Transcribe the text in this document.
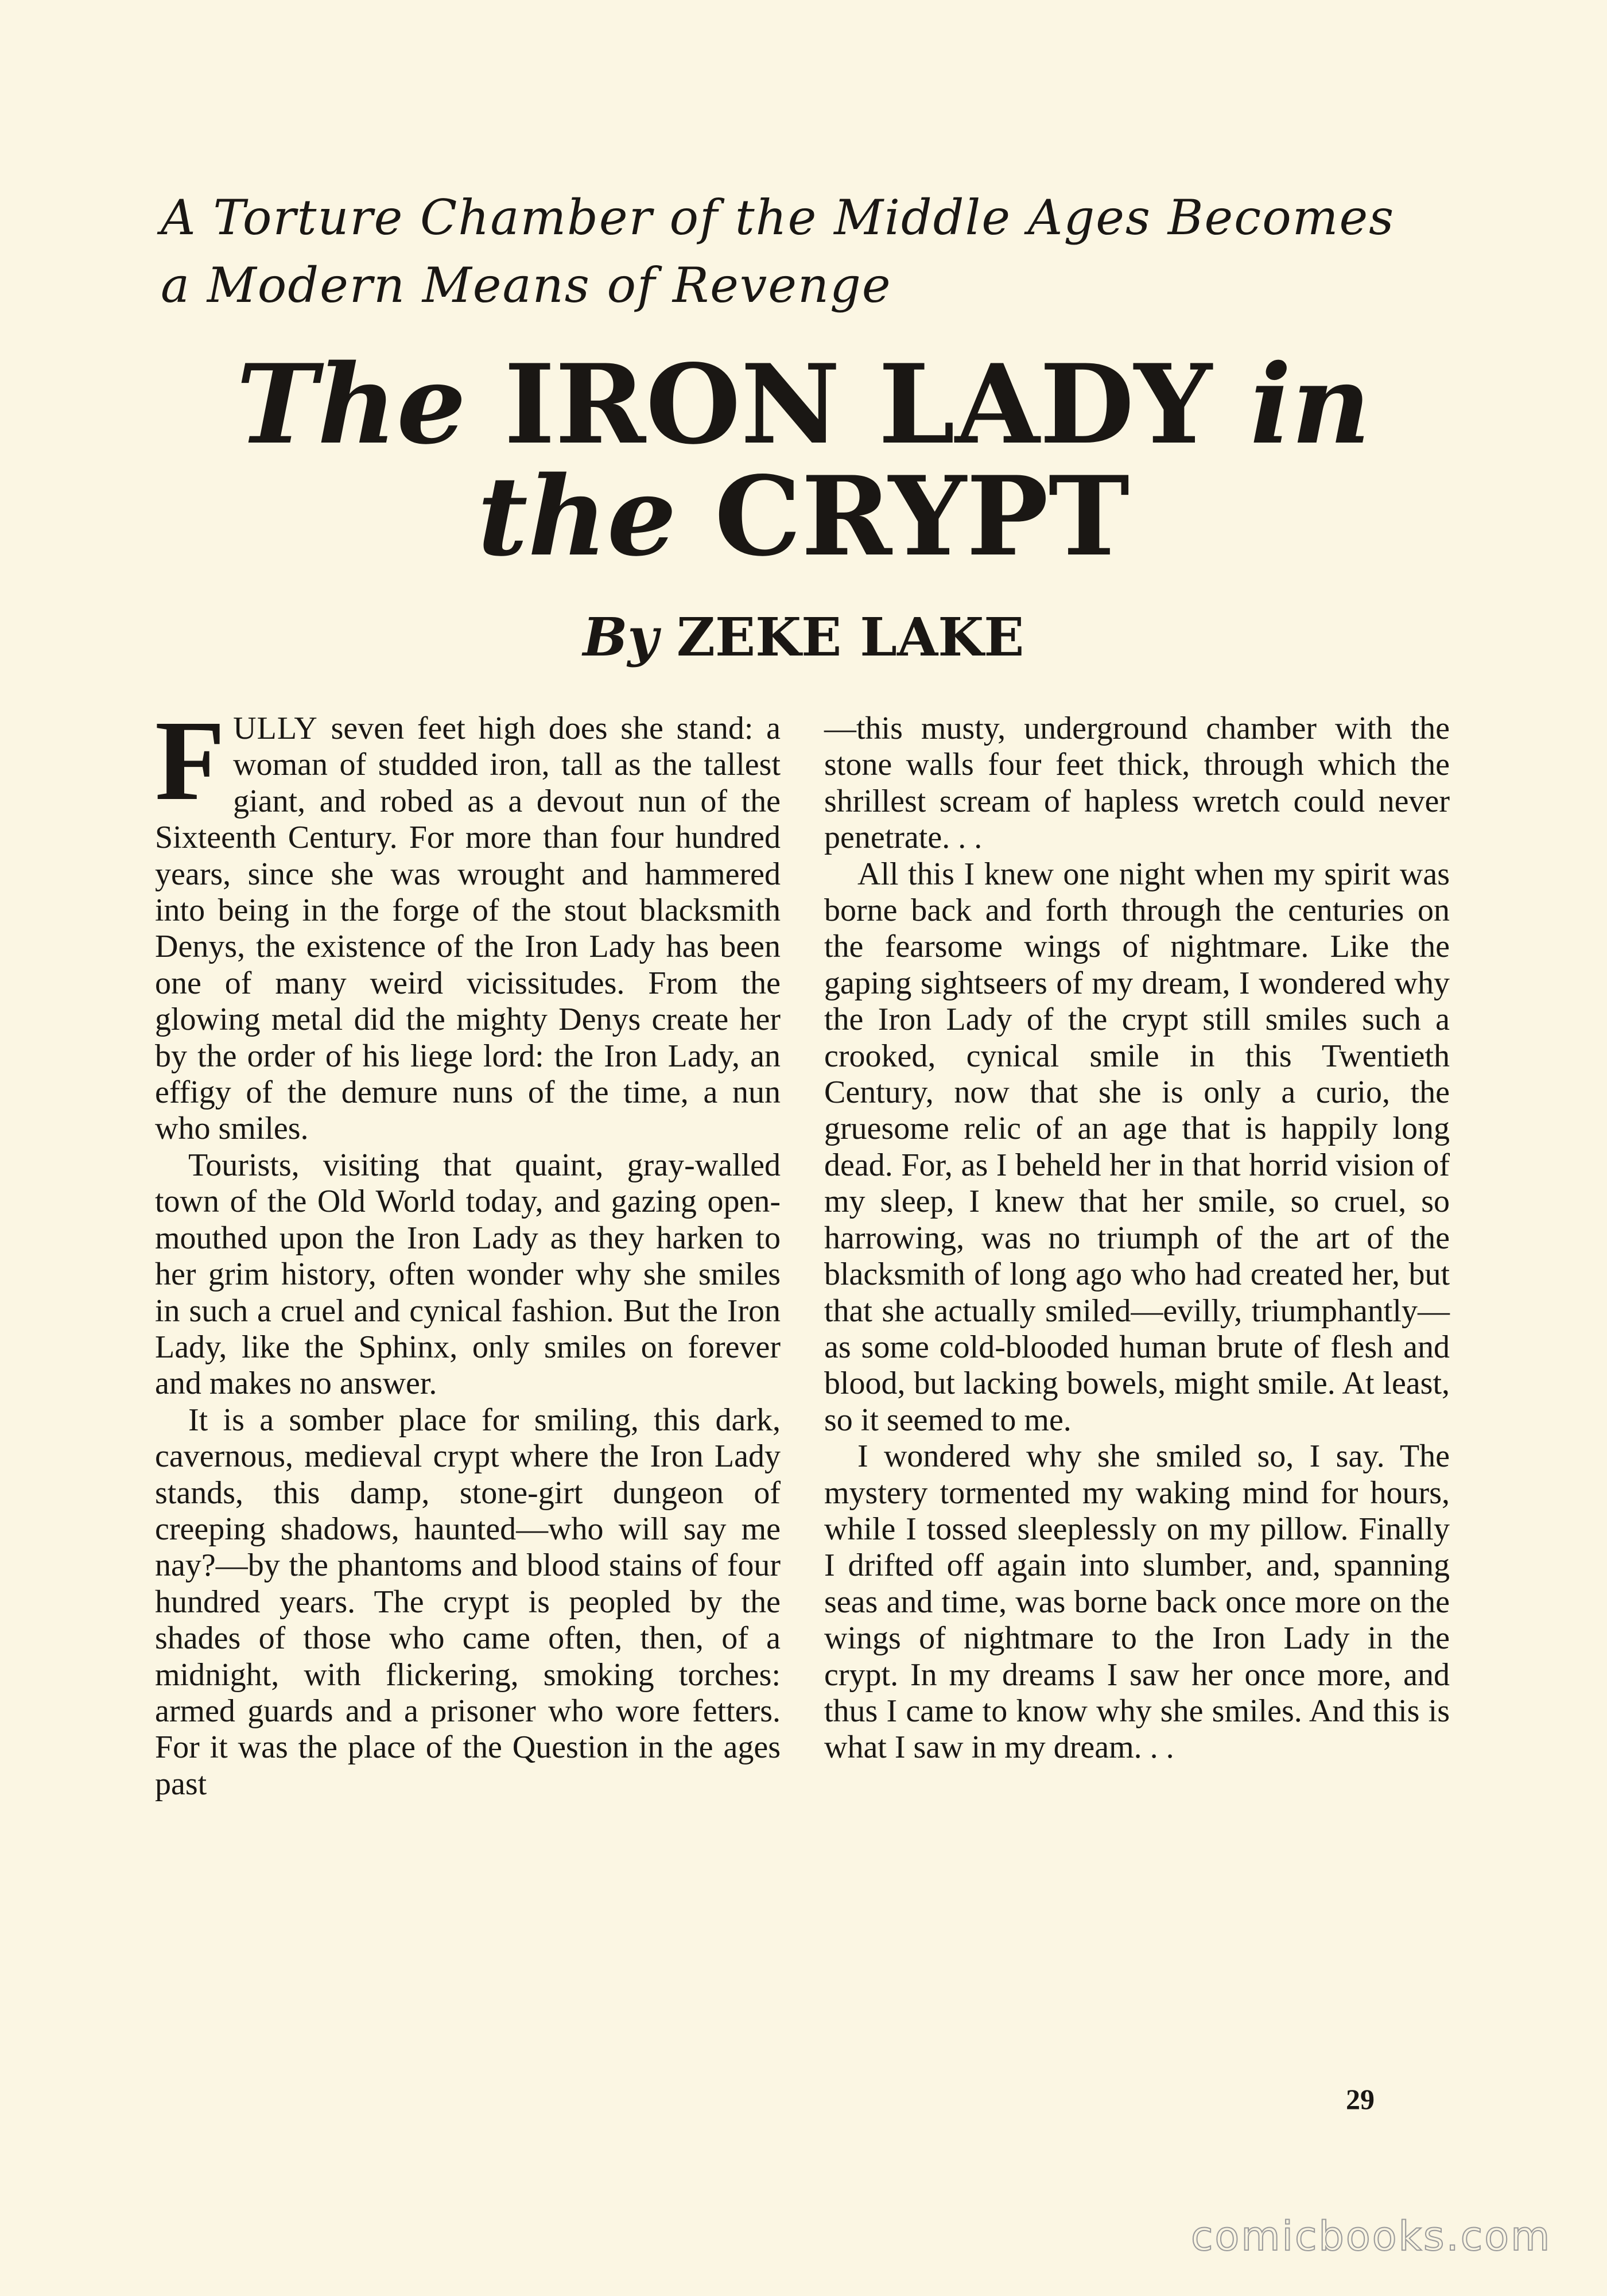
A Torture Chamber of the Middle Ages Becomes
a Modern Means of Revenge
The IRON LADY in
the CRYPT
By ZEKE LAKE

FULLY seven feet high does she stand: a woman of studded iron, tall as the tallest giant, and robed as a devout nun of the Sixteenth Century. For more than four hundred years, since she was wrought and hammered into being in the forge of the stout blacksmith Denys, the existence of the Iron Lady has been one of many weird vicissitudes. From the glowing metal did the mighty Denys create her by the order of his liege lord: the Iron Lady, an effigy of the demure nuns of the time, a nun who smiles.

Tourists, visiting that quaint, gray-walled town of the Old World today, and gazing open-mouthed upon the Iron Lady as they harken to her grim history, often wonder why she smiles in such a cruel and cynical fashion. But the Iron Lady, like the Sphinx, only smiles on forever and makes no answer.

It is a somber place for smiling, this dark, cavernous, medieval crypt where the Iron Lady stands, this damp, stone-girt dungeon of creeping shadows, haunted—who will say me nay?—by the phantoms and blood stains of four hundred years. The crypt is peopled by the shades of those who came often, then, of a midnight, with flickering, smoking torches: armed guards and a prisoner who wore fetters. For it was the place of the Question in the ages past

—this musty, underground chamber with the stone walls four feet thick, through which the shrillest scream of hapless wretch could never penetrate. . .

All this I knew one night when my spirit was borne back and forth through the centuries on the fearsome wings of nightmare. Like the gaping sightseers of my dream, I wondered why the Iron Lady of the crypt still smiles such a crooked, cynical smile in this Twentieth Century, now that she is only a curio, the gruesome relic of an age that is happily long dead. For, as I beheld her in that horrid vision of my sleep, I knew that her smile, so cruel, so harrowing, was no triumph of the art of the blacksmith of long ago who had created her, but that she actually smiled—evilly, triumphantly—as some cold-blooded human brute of flesh and blood, but lacking bowels, might smile. At least, so it seemed to me.

I wondered why she smiled so, I say. The mystery tormented my waking mind for hours, while I tossed sleeplessly on my pillow. Finally I drifted off again into slumber, and, spanning seas and time, was borne back once more on the wings of nightmare to the Iron Lady in the crypt. In my dreams I saw her once more, and thus I came to know why she smiles. And this is what I saw in my dream. . .

29
comicbooks.com
